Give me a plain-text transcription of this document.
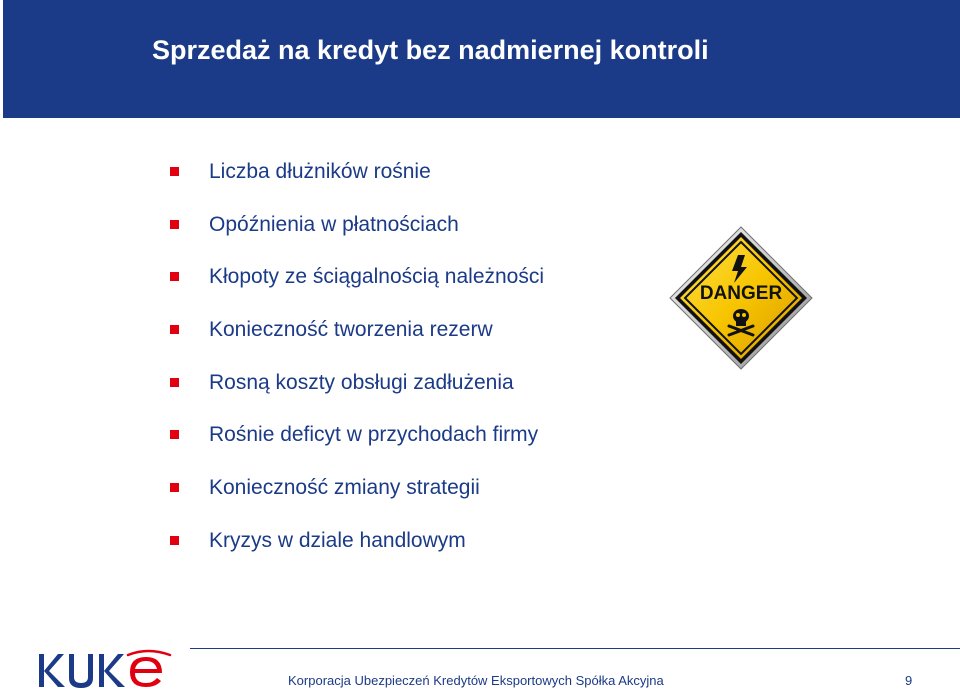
Sprzedaż na kredyt bez nadmiernej kontroli
Liczba dłużników rośnie
Opóźnienia w płatnościach
Kłopoty ze ściągalnością należności
Konieczność tworzenia rezerw
Rosną koszty obsługi zadłużenia
Rośnie deficyt w przychodach firmy
Konieczność zmiany strategii
Kryzys w dziale handlowym
DANGER
KUKE
Korporacja Ubezpieczeń Kredytów Eksportowych Spółka Akcyjna	9
